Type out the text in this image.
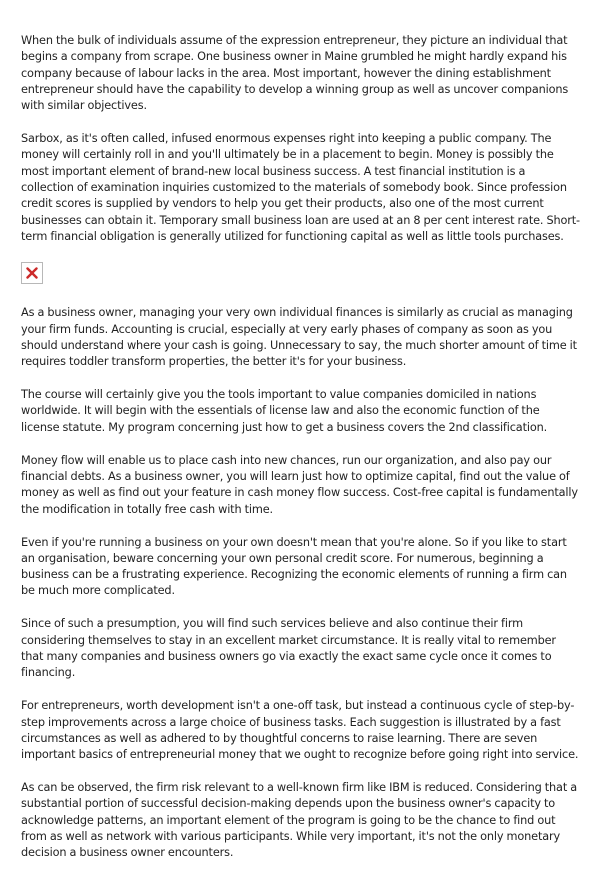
When the bulk of individuals assume of the expression entrepreneur, they picture an individual that begins a company from scrape. One business owner in Maine grumbled he might hardly expand his company because of labour lacks in the area. Most important, however the dining establishment entrepreneur should have the capability to develop a winning group as well as uncover companions with similar objectives.

Sarbox, as it's often called, infused enormous expenses right into keeping a public company. The money will certainly roll in and you'll ultimately be in a placement to begin. Money is possibly the most important element of brand-new local business success. A test financial institution is a collection of examination inquiries customized to the materials of somebody book. Since profession credit scores is supplied by vendors to help you get their products, also one of the most current businesses can obtain it. Temporary small business loan are used at an 8 per cent interest rate. Short-term financial obligation is generally utilized for functioning capital as well as little tools purchases.

As a business owner, managing your very own individual finances is similarly as crucial as managing your firm funds. Accounting is crucial, especially at very early phases of company as soon as you should understand where your cash is going. Unnecessary to say, the much shorter amount of time it requires toddler transform properties, the better it's for your business.

The course will certainly give you the tools important to value companies domiciled in nations worldwide. It will begin with the essentials of license law and also the economic function of the license statute. My program concerning just how to get a business covers the 2nd classification.

Money flow will enable us to place cash into new chances, run our organization, and also pay our financial debts. As a business owner, you will learn just how to optimize capital, find out the value of money as well as find out your feature in cash money flow success. Cost-free capital is fundamentally the modification in totally free cash with time.

Even if you're running a business on your own doesn't mean that you're alone. So if you like to start an organisation, beware concerning your own personal credit score. For numerous, beginning a business can be a frustrating experience. Recognizing the economic elements of running a firm can be much more complicated.

Since of such a presumption, you will find such services believe and also continue their firm considering themselves to stay in an excellent market circumstance. It is really vital to remember that many companies and business owners go via exactly the exact same cycle once it comes to financing.

For entrepreneurs, worth development isn't a one-off task, but instead a continuous cycle of step-by-step improvements across a large choice of business tasks. Each suggestion is illustrated by a fast circumstances as well as adhered to by thoughtful concerns to raise learning. There are seven important basics of entrepreneurial money that we ought to recognize before going right into service.

As can be observed, the firm risk relevant to a well-known firm like IBM is reduced. Considering that a substantial portion of successful decision-making depends upon the business owner's capacity to acknowledge patterns, an important element of the program is going to be the chance to find out from as well as network with various participants. While very important, it's not the only monetary decision a business owner encounters.
